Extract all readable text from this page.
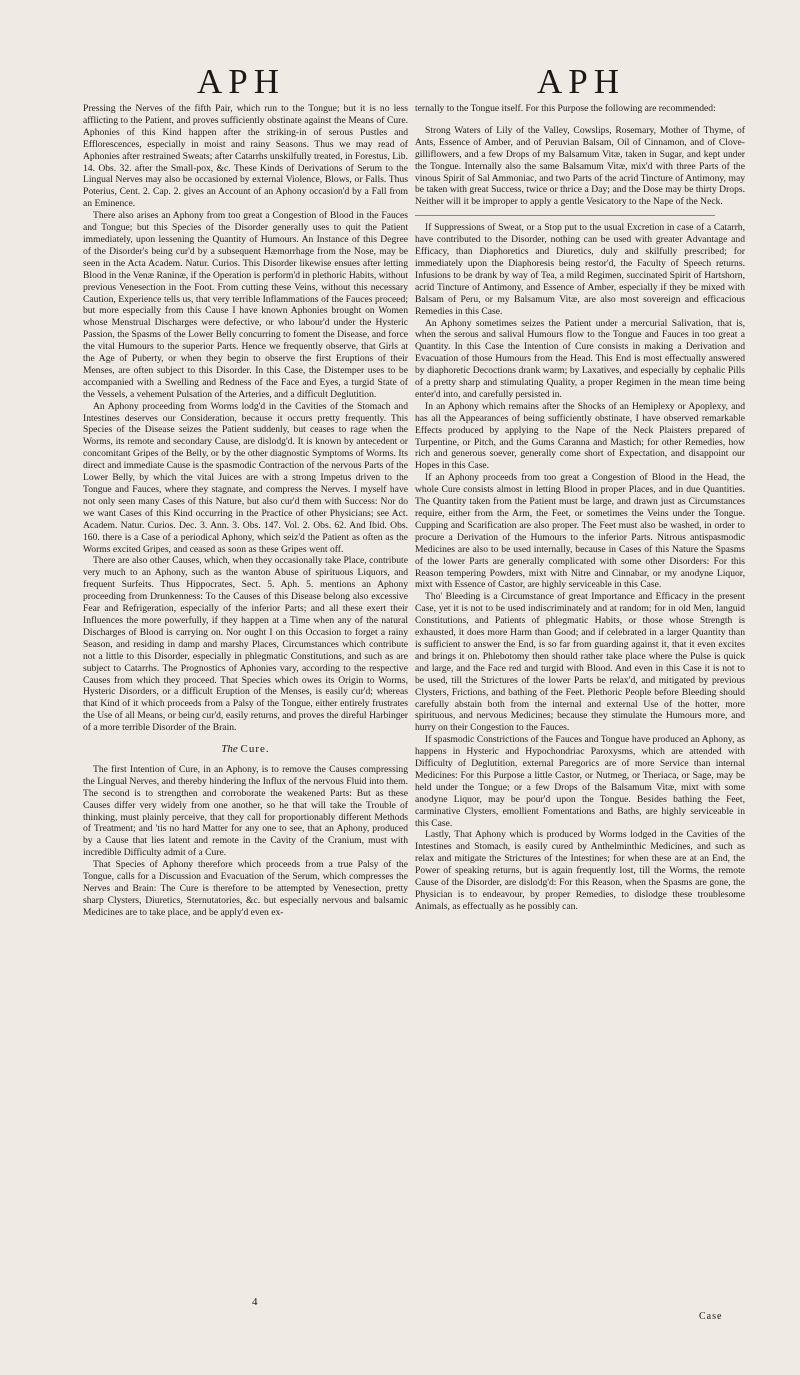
APH	APH

Pressing the Nerves of the fifth Pair, which run to the Tongue; but it is no less afflicting to the Patient, and proves sufficiently obstinate against the Means of Cure. Aphonies of this Kind happen after the striking-in of serous Pustles and Efflorescences, especially in moist and rainy Seasons. Thus we may read of Aphonies after restrained Sweats; after Catarrhs unskilfully treated, in Forestus, Lib. 14. Obs. 32. after the Small-pox, &c. These Kinds of Derivations of Serum to the Lingual Nerves may also be occasioned by external Violence, Blows, or Falls. Thus Poterius, Cent. 2. Cap. 2. gives an Account of an Aphony occasion'd by a Fall from an Eminence.

There also arises an Aphony from too great a Congestion of Blood in the Fauces and Tongue; but this Species of the Disorder generally uses to quit the Patient immediately, upon lessening the Quantity of Humours. An Instance of this Degree of the Disorder's being cur'd by a subsequent Hæmorrhage from the Nose, may be seen in the Acta Academ. Natur. Curios. This Disorder likewise ensues after letting Blood in the Venæ Raninæ, if the Operation is perform'd in plethoric Habits, without previous Venesection in the Foot. From cutting these Veins, without this necessary Caution, Experience tells us, that very terrible Inflammations of the Fauces proceed; but more especially from this Cause I have known Aphonies brought on Women whose Menstrual Discharges were defective, or who labour'd under the Hysteric Passion, the Spasms of the Lower Belly concurring to foment the Disease, and force the vital Humours to the superior Parts. Hence we frequently observe, that Girls at the Age of Puberty, or when they begin to observe the first Eruptions of their Menses, are often subject to this Disorder. In this Case, the Distemper uses to be accompanied with a Swelling and Redness of the Face and Eyes, a turgid State of the Vessels, a vehement Pulsation of the Arteries, and a difficult Deglutition.

An Aphony proceeding from Worms lodg'd in the Cavities of the Stomach and Intestines deserves our Consideration, because it occurs pretty frequently. This Species of the Disease seizes the Patient suddenly, but ceases to rage when the Worms, its remote and secondary Cause, are dislodg'd. It is known by antecedent or concomitant Gripes of the Belly, or by the other diagnostic Symptoms of Worms. Its direct and immediate Cause is the spasmodic Contraction of the nervous Parts of the Lower Belly, by which the vital Juices are with a strong Impetus driven to the Tongue and Fauces, where they stagnate, and compress the Nerves. I myself have not only seen many Cases of this Nature, but also cur'd them with Success: Nor do we want Cases of this Kind occurring in the Practice of other Physicians; see Act. Academ. Natur. Curios. Dec. 3. Ann. 3. Obs. 147. Vol. 2. Obs. 62. And Ibid. Obs. 160. there is a Case of a periodical Aphony, which seiz'd the Patient as often as the Worms excited Gripes, and ceased as soon as these Gripes went off.

There are also other Causes, which, when they occasionally take Place, contribute very much to an Aphony, such as the wanton Abuse of spirituous Liquors, and frequent Surfeits. Thus Hippocrates, Sect. 5. Aph. 5. mentions an Aphony proceeding from Drunkenness: To the Causes of this Disease belong also excessive Fear and Refrigeration, especially of the inferior Parts; and all these exert their Influences the more powerfully, if they happen at a Time when any of the natural Discharges of Blood is carrying on. Nor ought I on this Occasion to forget a rainy Season, and residing in damp and marshy Places, Circumstances which contribute not a little to this Disorder, especially in phlegmatic Constitutions, and such as are subject to Catarrhs. The Prognostics of Aphonies vary, according to the respective Causes from which they proceed. That Species which owes its Origin to Worms, Hysteric Disorders, or a difficult Eruption of the Menses, is easily cur'd; whereas that Kind of it which proceeds from a Palsy of the Tongue, either entirely frustrates the Use of all Means, or being cur'd, easily returns, and proves the direful Harbinger of a more terrible Disorder of the Brain.

The Cure.

The first Intention of Cure, in an Aphony, is to remove the Causes compressing the Lingual Nerves, and thereby hindering the Influx of the nervous Fluid into them. The second is to strengthen and corroborate the weakened Parts: But as these Causes differ very widely from one another, so he that will take the Trouble of thinking, must plainly perceive, that they call for proportionably different Methods of Treatment; and 'tis no hard Matter for any one to see, that an Aphony, produced by a Cause that lies latent and remote in the Cavity of the Cranium, must with incredible Difficulty admit of a Cure.

That Species of Aphony therefore which proceeds from a true Palsy of the Tongue, calls for a Discussion and Evacuation of the Serum, which compresses the Nerves and Brain: The Cure is therefore to be attempted by Venesection, pretty sharp Clysters, Diuretics, Sternutatories, &c. but especially nervous and balsamic Medicines are to take place, and be apply'd even ex-

ternally to the Tongue itself. For this Purpose the following are recommended:

Strong Waters of Lily of the Valley, Cowslips, Rosemary, Mother of Thyme, of Ants, Essence of Amber, and of Peruvian Balsam, Oil of Cinnamon, and of Clove-gilliflowers, and a few Drops of my Balsamum Vitæ, taken in Sugar, and kept under the Tongue. Internally also the same Balsamum Vitæ, mix'd with three Parts of the vinous Spirit of Sal Ammoniac, and two Parts of the acrid Tincture of Antimony, may be taken with great Success, twice or thrice a Day; and the Dose may be thirty Drops. Neither will it be improper to apply a gentle Vesicatory to the Nape of the Neck.

If Suppressions of Sweat, or a Stop put to the usual Excretion in case of a Catarrh, have contributed to the Disorder, nothing can be used with greater Advantage and Efficacy, than Diaphoretics and Diuretics, duly and skilfully prescribed; for immediately upon the Diaphoresis being restor'd, the Faculty of Speech returns. Infusions to be drank by way of Tea, a mild Regimen, succinated Spirit of Hartshorn, acrid Tincture of Antimony, and Essence of Amber, especially if they be mixed with Balsam of Peru, or my Balsamum Vitæ, are also most sovereign and efficacious Remedies in this Case.

An Aphony sometimes seizes the Patient under a mercurial Salivation, that is, when the serous and salival Humours flow to the Tongue and Fauces in too great a Quantity. In this Case the Intention of Cure consists in making a Derivation and Evacuation of those Humours from the Head. This End is most effectually answered by diaphoretic Decoctions drank warm; by Laxatives, and especially by cephalic Pills of a pretty sharp and stimulating Quality, a proper Regimen in the mean time being enter'd into, and carefully persisted in.

In an Aphony which remains after the Shocks of an Hemiplexy or Apoplexy, and has all the Appearances of being sufficiently obstinate, I have observed remarkable Effects produced by applying to the Nape of the Neck Plaisters prepared of Turpentine, or Pitch, and the Gums Caranna and Mastich; for other Remedies, how rich and generous soever, generally come short of Expectation, and disappoint our Hopes in this Case.

If an Aphony proceeds from too great a Congestion of Blood in the Head, the whole Cure consists almost in letting Blood in proper Places, and in due Quantities. The Quantity taken from the Patient must be large, and drawn just as Circumstances require, either from the Arm, the Feet, or sometimes the Veins under the Tongue. Cupping and Scarification are also proper. The Feet must also be washed, in order to procure a Derivation of the Humours to the inferior Parts. Nitrous antispasmodic Medicines are also to be used internally, because in Cases of this Nature the Spasms of the lower Parts are generally complicated with some other Disorders: For this Reason tempering Powders, mixt with Nitre and Cinnabar, or my anodyne Liquor, mixt with Essence of Castor, are highly serviceable in this Case.

Tho' Bleeding is a Circumstance of great Importance and Efficacy in the present Case, yet it is not to be used indiscriminately and at random; for in old Men, languid Constitutions, and Patients of phlegmatic Habits, or those whose Strength is exhausted, it does more Harm than Good; and if celebrated in a larger Quantity than is sufficient to answer the End, is so far from guarding against it, that it even excites and brings it on. Phlebotomy then should rather take place where the Pulse is quick and large, and the Face red and turgid with Blood. And even in this Case it is not to be used, till the Strictures of the lower Parts be relax'd, and mitigated by previous Clysters, Frictions, and bathing of the Feet. Plethoric People before Bleeding should carefully abstain both from the internal and external Use of the hotter, more spirituous, and nervous Medicines; because they stimulate the Humours more, and hurry on their Congestion to the Fauces.

If spasmodic Constrictions of the Fauces and Tongue have produced an Aphony, as happens in Hysteric and Hypochondriac Paroxysms, which are attended with Difficulty of Deglutition, external Paregorics are of more Service than internal Medicines: For this Purpose a little Castor, or Nutmeg, or Theriaca, or Sage, may be held under the Tongue; or a few Drops of the Balsamum Vitæ, mixt with some anodyne Liquor, may be pour'd upon the Tongue. Besides bathing the Feet, carminative Clysters, emollient Fomentations and Baths, are highly serviceable in this Case.

Lastly, That Aphony which is produced by Worms lodged in the Cavities of the Intestines and Stomach, is easily cured by Anthelminthic Medicines, and such as relax and mitigate the Strictures of the Intestines; for when these are at an End, the Power of speaking returns, but is again frequently lost, till the Worms, the remote Cause of the Disorder, are dislodg'd: For this Reason, when the Spasms are gone, the Physician is to endeavour, by proper Remedies, to dislodge these troublesome Animals, as effectually as he possibly can.

4
Case
